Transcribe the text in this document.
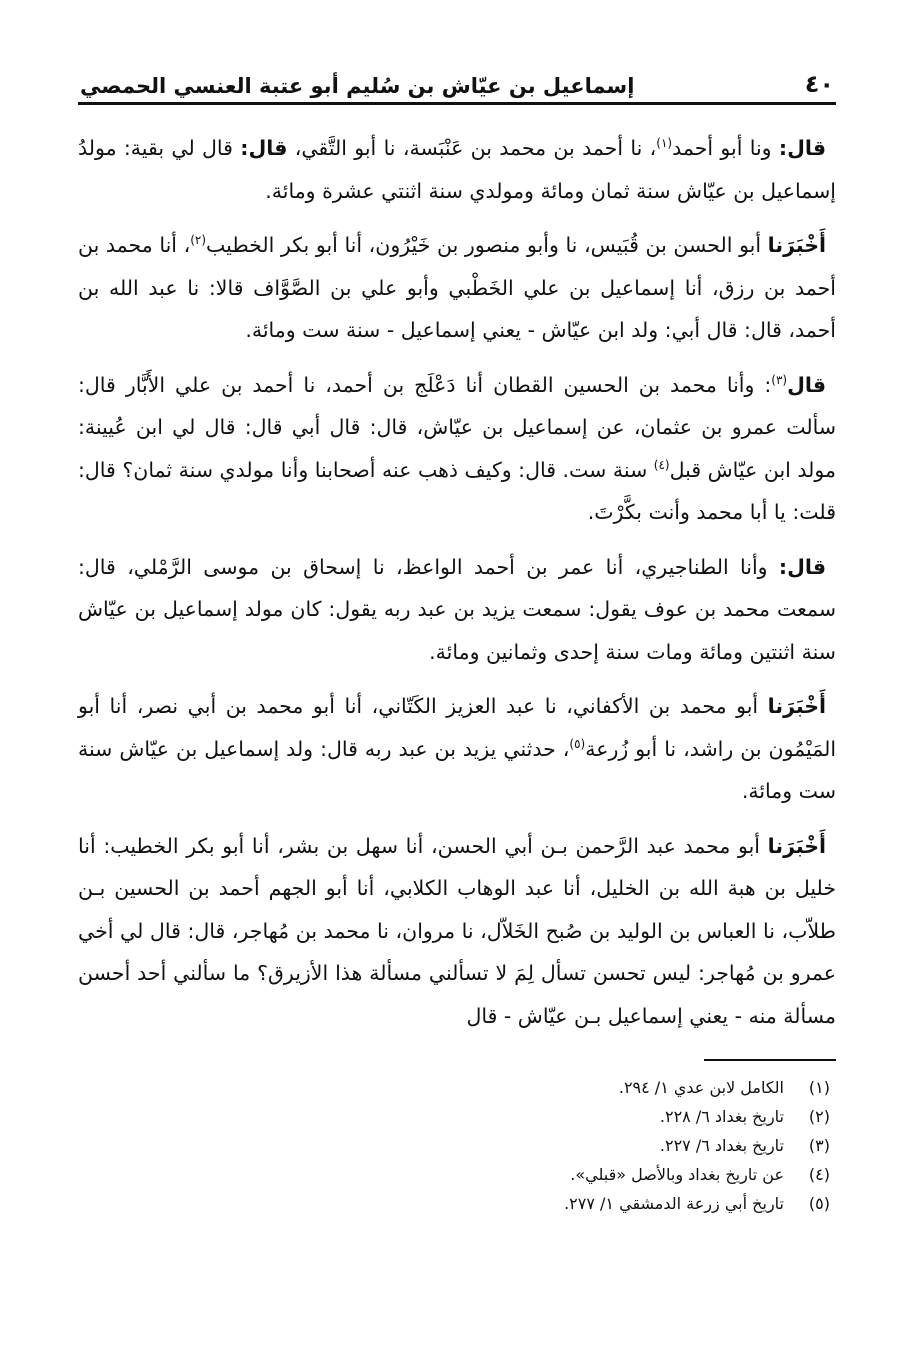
٤٠
إسماعيل بن عيّاش بن سُليم أبو عتبة العنسي الحمصي

قال: ونا أبو أحمد$^{(١)}$، نا أحمد بن محمد بن عَنْبَسة، نا أبو التَّقي، قال: قال لي بقية: مولدُ إسماعيل بن عيّاش سنة ثمان ومائة ومولدي سنة اثنتي عشرة ومائة.

أَخْبَرَنا أبو الحسن بن قُبَيس، نا وأبو منصور بن خَيْرُون، أنا أبو بكر الخطيب$^{(٢)}$، أنا محمد بن أحمد بن رزق، أنا إسماعيل بن علي الخَطْبي وأبو علي بن الصَّوَّاف قالا: نا عبد الله بن أحمد، قال: قال أبي: ولد ابن عيّاش - يعني إسماعيل - سنة ست ومائة.

قال$^{(٣)}$: وأنا محمد بن الحسين القطان أنا دَعْلَج بن أحمد، نا أحمد بن علي الأَبَّار قال: سألت عمرو بن عثمان، عن إسماعيل بن عيّاش، قال: قال أبي قال: قال لي ابن عُيينة: مولد ابن عيّاش قبل$^{(٤)}$ سنة ست. قال: وكيف ذهب عنه أصحابنا وأنا مولدي سنة ثمان؟ قال: قلت: يا أبا محمد وأنت بكَّرْتَ.

قال: وأنا الطناجيري، أنا عمر بن أحمد الواعظ، نا إسحاق بن موسى الرَّمْلي، قال: سمعت محمد بن عوف يقول: سمعت يزيد بن عبد ربه يقول: كان مولد إسماعيل بن عيّاش سنة اثنتين ومائة ومات سنة إحدى وثمانين ومائة.

أَخْبَرَنا أبو محمد بن الأكفاني، نا عبد العزيز الكَتّاني، أنا أبو محمد بن أبي نصر، أنا أبو المَيْمُون بن راشد، نا أبو زُرعة$^{(٥)}$، حدثني يزيد بن عبد ربه قال: ولد إسماعيل بن عيّاش سنة ست ومائة.

أَخْبَرَنا أبو محمد عبد الرَّحمن بـن أبي الحسن، أنا سهل بن بشر، أنا أبو بكر الخطيب: أنا خليل بن هبة الله بن الخليل، أنا عبد الوهاب الكلابي، أنا أبو الجهم أحمد بن الحسين بـن طلاّب، نا العباس بن الوليد بن صُبح الخَلاّل، نا مروان، نا محمد بن مُهاجر، قال: قال لي أخي عمرو بن مُهاجر: ليس تحسن تسأل لِمَ لا تسألني مسألة هذا الأزيرق؟ ما سألني أحد أحسن مسألة منه - يعني إسماعيل بـن عيّاش - قال

(١)
الكامل لابن عدي ١/ ٢٩٤.
(٢)
تاريخ بغداد ٦/ ٢٢٨.
(٣)
تاريخ بغداد ٦/ ٢٢٧.
(٤)
عن تاريخ بغداد وبالأصل «قبلي».
(٥)
تاريخ أبي زرعة الدمشقي ١/ ٢٧٧.
